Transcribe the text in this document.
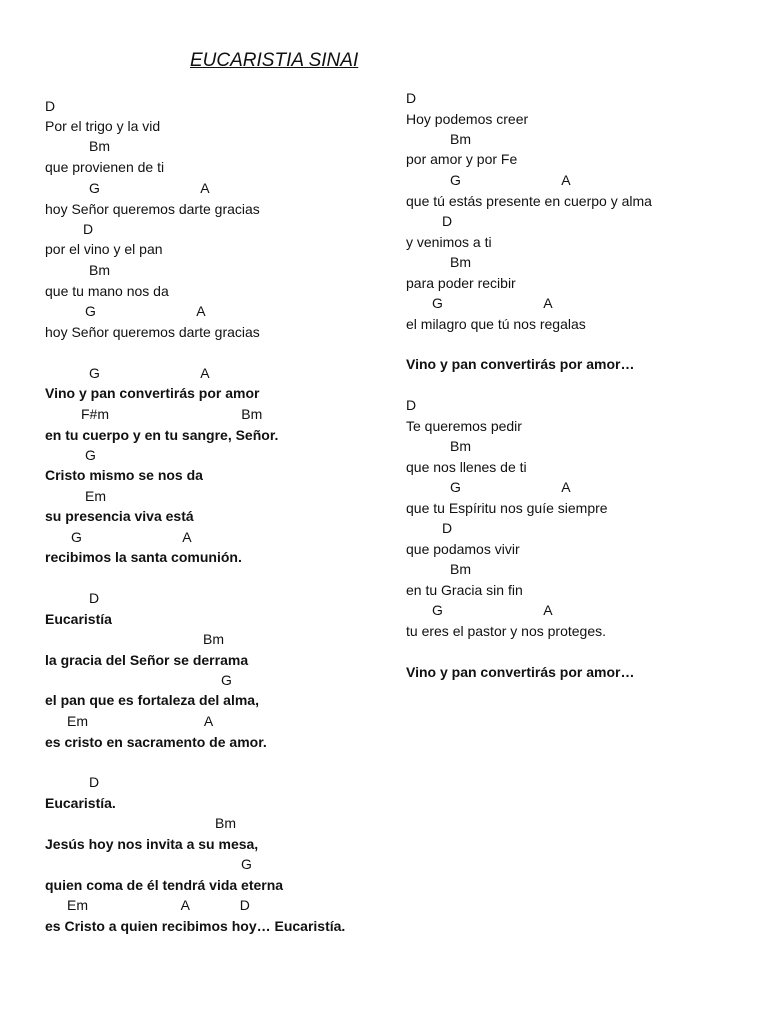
EUCARISTIA SINAI
D
Por el trigo y la vid
Bm
que provienen de ti
G                          A
hoy Señor queremos darte gracias
D
por el vino y el pan
Bm
que tu mano nos da
G                          A
hoy Señor queremos darte gracias
G                          A
Vino y pan convertirás por amor
F#m                                  Bm
en tu cuerpo y en tu sangre, Señor.
G
Cristo mismo se nos da
Em
su presencia viva está
G                          A
recibimos la santa comunión.
D
Eucaristía
Bm
la gracia del Señor se derrama
G
el pan que es fortaleza del alma,
Em                              A
es cristo en sacramento de amor.
D
Eucaristía.
Bm
Jesús hoy nos invita a su mesa,
G
quien coma de él tendrá vida eterna
Em                        A             D
es Cristo a quien recibimos hoy… Eucaristía.
D
Hoy podemos creer
Bm
por amor y por Fe
G                          A
que tú estás presente en cuerpo y alma
D
y venimos a ti
Bm
para poder recibir
G                          A
el milagro que tú nos regalas
Vino y pan convertirás por amor…
D
Te queremos pedir
Bm
que nos llenes de ti
G                          A
que tu Espíritu nos guíe siempre
D
que podamos vivir
Bm
en tu Gracia sin fin
G                          A
tu eres el pastor y nos proteges.
Vino y pan convertirás por amor…
